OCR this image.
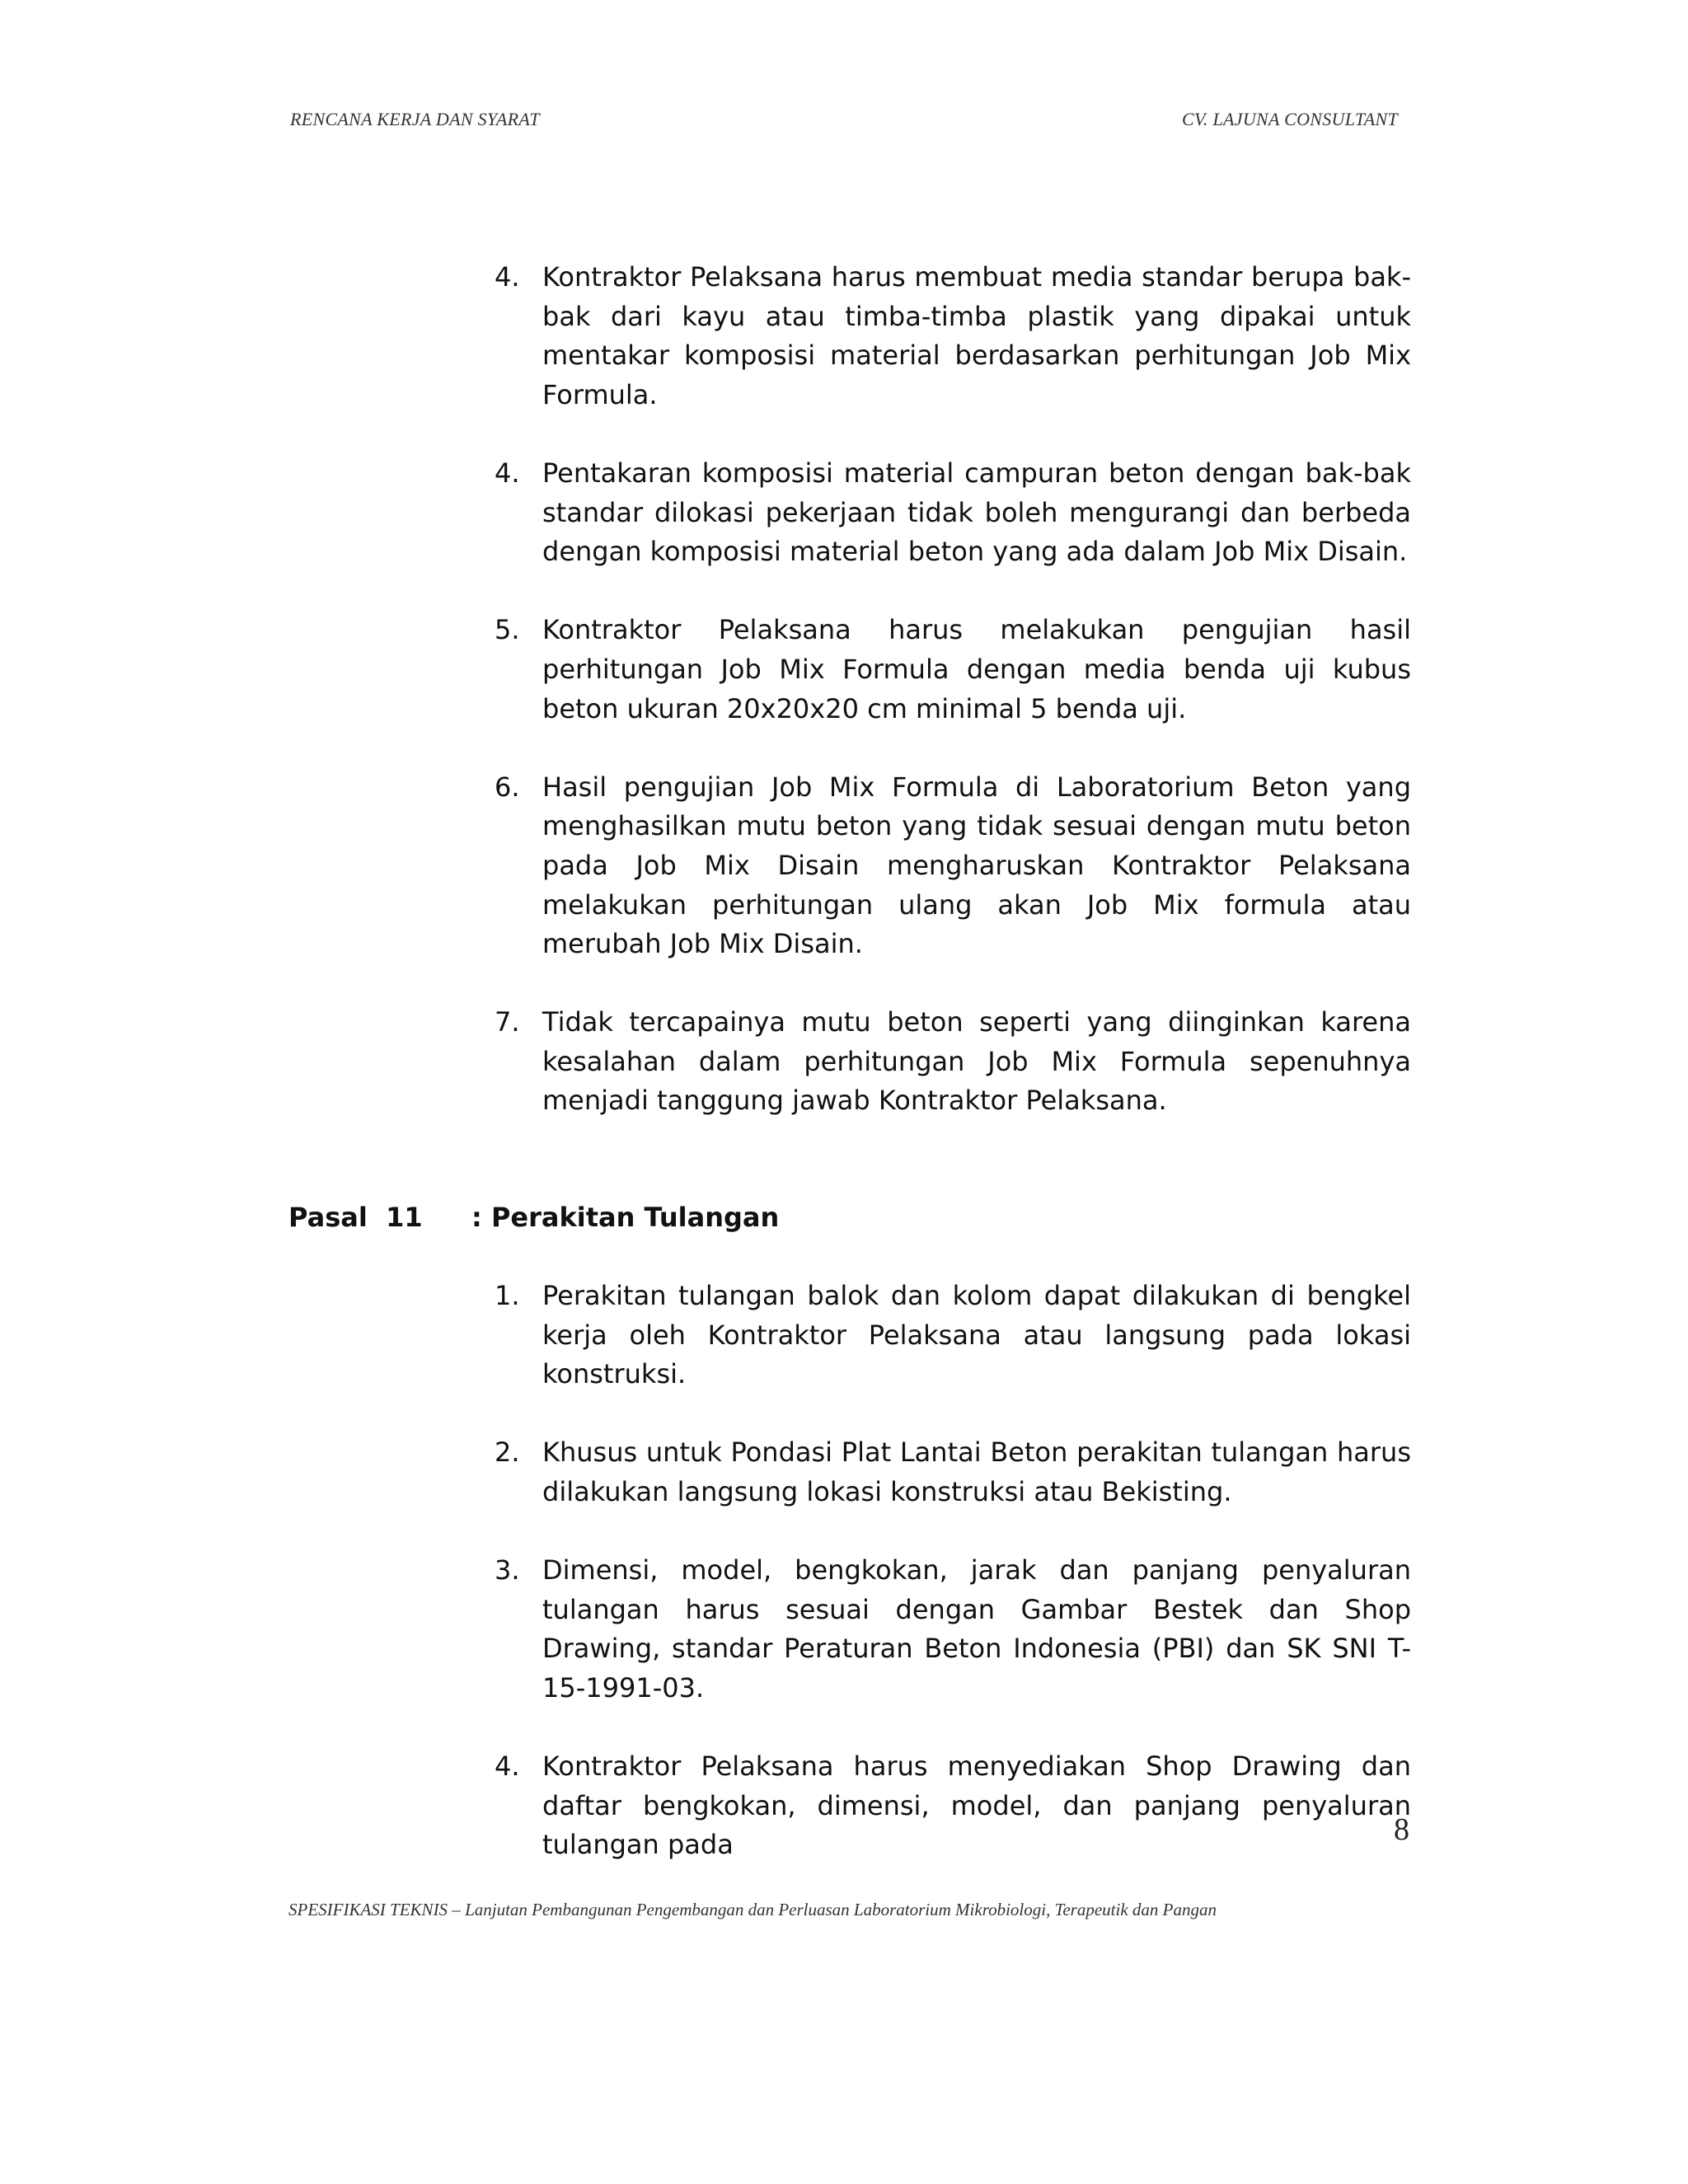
RENCANA KERJA DAN SYARAT	CV. LAJUNA CONSULTANT
4. Kontraktor Pelaksana harus membuat media standar berupa bak-bak dari kayu atau timba-timba plastik yang dipakai untuk mentakar komposisi material berdasarkan perhitungan Job Mix Formula.

4. Pentakaran komposisi material campuran beton dengan bak-bak standar dilokasi pekerjaan tidak boleh mengurangi dan berbeda dengan komposisi material beton yang ada dalam Job Mix Disain.

5. Kontraktor Pelaksana harus melakukan pengujian hasil perhitungan Job Mix Formula dengan media benda uji kubus beton ukuran 20x20x20 cm minimal 5 benda uji.

6. Hasil pengujian Job Mix Formula di Laboratorium Beton yang menghasilkan mutu beton yang tidak sesuai dengan mutu beton pada Job Mix Disain mengharuskan Kontraktor Pelaksana melakukan perhitungan ulang akan Job Mix formula atau merubah Job Mix Disain.

7. Tidak tercapainya mutu beton seperti yang diinginkan karena kesalahan dalam perhitungan Job Mix Formula sepenuhnya menjadi tanggung jawab Kontraktor Pelaksana.

Pasal  11 : Perakitan Tulangan
1. Perakitan tulangan balok dan kolom dapat dilakukan di bengkel kerja oleh Kontraktor Pelaksana atau langsung pada lokasi konstruksi.

2. Khusus untuk Pondasi Plat Lantai Beton perakitan tulangan harus dilakukan langsung lokasi konstruksi atau Bekisting.

3. Dimensi, model, bengkokan, jarak dan panjang penyaluran tulangan harus sesuai dengan Gambar Bestek dan Shop Drawing, standar Peraturan Beton Indonesia (PBI) dan SK SNI T-15-1991-03.

4. Kontraktor Pelaksana harus menyediakan Shop Drawing dan daftar bengkokan, dimensi, model, dan panjang penyaluran tulangan pada	8
SPESIFIKASI TEKNIS – Lanjutan Pembangunan Pengembangan dan Perluasan Laboratorium Mikrobiologi, Terapeutik dan Pangan
